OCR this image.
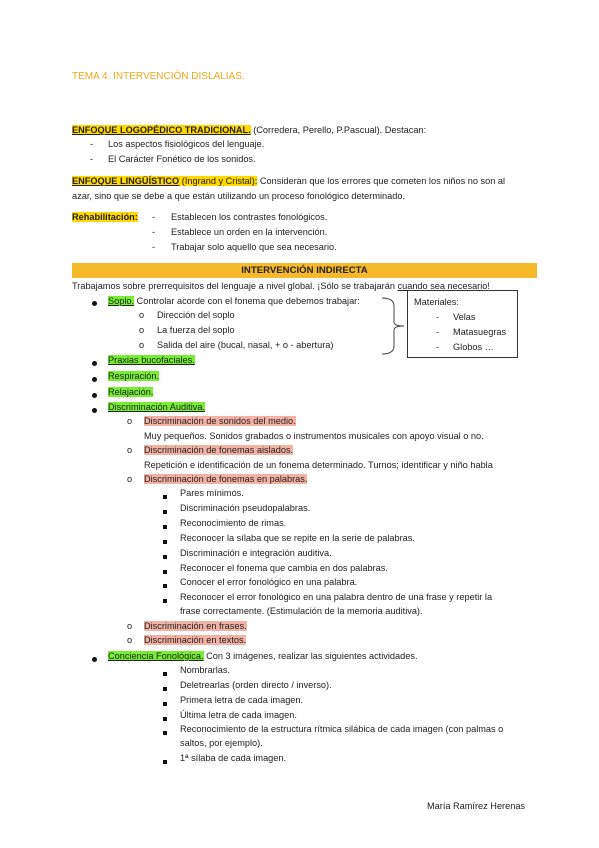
TEMA 4. INTERVENCIÓN DISLALIAS.
ENFOQUE LOGOPÉDICO TRADICIONAL. (Corredera, Perello, P.Pascual). Destacan:
- Los aspectos fisiológicos del lenguaje.
- El Carácter Fonético de los sonidos.
ENFOQUE LINGÜÍSTICO (Ingrand y Cristal): Consideran que los errores que cometen los niños no son al
azar, sino que se debe a que están utilizando un proceso fonológico determinado.
Rehabilitación: - Establecen los contrastes fonológicos.
- Establece un orden en la intervención.
- Trabajar solo aquello que sea necesario.
INTERVENCIÓN INDIRECTA
Trabajamos sobre prerrequisitos del lenguaje a nivel global. ¡Sólo se trabajarán cuando sea necesario!
Soplo. Controlar acorde con el fonema que debemos trabajar:
o Dirección del soplo
o La fuerza del soplo
o Salida del aire (bucal, nasal, + o - abertura)
Materiales:
- Velas
- Matasuegras
- Globos …
Praxias bucofaciales.
Respiración.
Relajación.
Discriminación Auditiva.
o Discriminación de sonidos del medio.
Muy pequeños. Sonidos grabados o instrumentos musicales con apoyo visual o no.
o Discriminación de fonemas aislados.
Repetición e identificación de un fonema determinado. Turnos; identificar y niño habla
o Discriminación de fonemas en palabras.
Pares mínimos.
Discriminación pseudopalabras.
Reconocimiento de rimas.
Reconocer la sílaba que se repite en la serie de palabras.
Discriminación e integración auditiva.
Reconocer el fonema que cambia en dos palabras.
Conocer el error fonológico en una palabra.
Reconocer el error fonológico en una palabra dentro de una frase y repetir la
frase correctamente. (Estimulación de la memoria auditiva).
o Discriminación en frases.
o Discriminación en textos.
Conciencia Fonológica. Con 3 imágenes, realizar las siguientes actividades.
Nombrarlas.
Deletrearlas (orden directo / inverso).
Primera letra de cada imagen.
Última letra de cada imagen.
Reconocimiento de la estructura rítmica silábica de cada imagen (con palmas o
saltos, por ejemplo).
1ª sílaba de cada imagen.
María Ramírez Herenas
